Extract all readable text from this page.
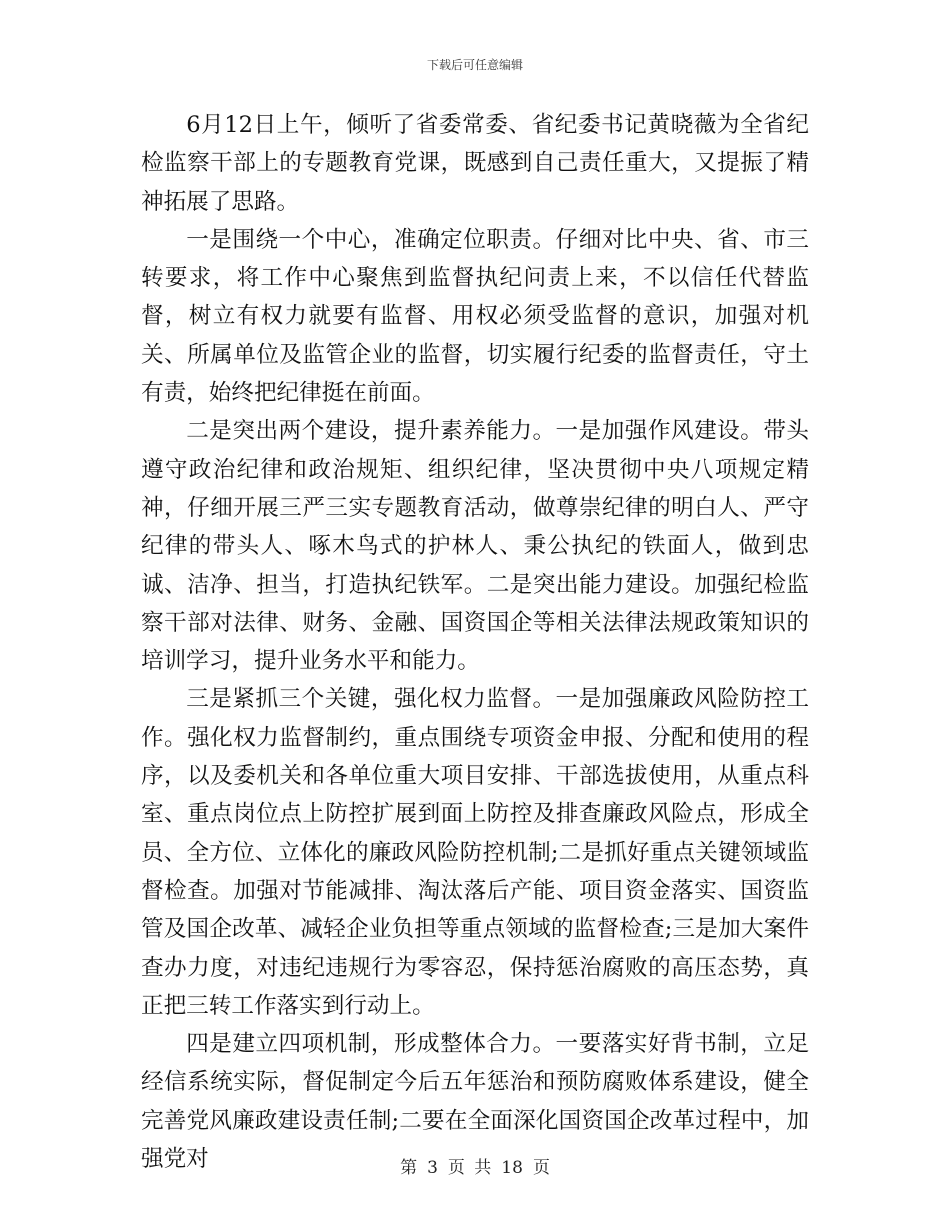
下载后可任意编辑

6月12日上午，倾听了省委常委、省纪委书记黄晓薇为全省纪检监察干部上的专题教育党课，既感到自己责任重大，又提振了精神拓展了思路。

一是围绕一个中心，准确定位职责。仔细对比中央、省、市三转要求，将工作中心聚焦到监督执纪问责上来，不以信任代替监督，树立有权力就要有监督、用权必须受监督的意识，加强对机关、所属单位及监管企业的监督，切实履行纪委的监督责任，守土有责，始终把纪律挺在前面。

二是突出两个建设，提升素养能力。一是加强作风建设。带头遵守政治纪律和政治规矩、组织纪律，坚决贯彻中央八项规定精神，仔细开展三严三实专题教育活动，做尊崇纪律的明白人、严守纪律的带头人、啄木鸟式的护林人、秉公执纪的铁面人，做到忠诚、洁净、担当，打造执纪铁军。二是突出能力建设。加强纪检监察干部对法律、财务、金融、国资国企等相关法律法规政策知识的培训学习，提升业务水平和能力。

三是紧抓三个关键，强化权力监督。一是加强廉政风险防控工作。强化权力监督制约，重点围绕专项资金申报、分配和使用的程序，以及委机关和各单位重大项目安排、干部选拔使用，从重点科室、重点岗位点上防控扩展到面上防控及排查廉政风险点，形成全员、全方位、立体化的廉政风险防控机制;二是抓好重点关键领域监督检查。加强对节能减排、淘汰落后产能、项目资金落实、国资监管及国企改革、减轻企业负担等重点领域的监督检查;三是加大案件查办力度，对违纪违规行为零容忍，保持惩治腐败的高压态势，真正把三转工作落实到行动上。

四是建立四项机制，形成整体合力。一要落实好背书制，立足经信系统实际，督促制定今后五年惩治和预防腐败体系建设，健全完善党风廉政建设责任制;二要在全面深化国资国企改革过程中，加强党对	第 3 页 共 18 页
